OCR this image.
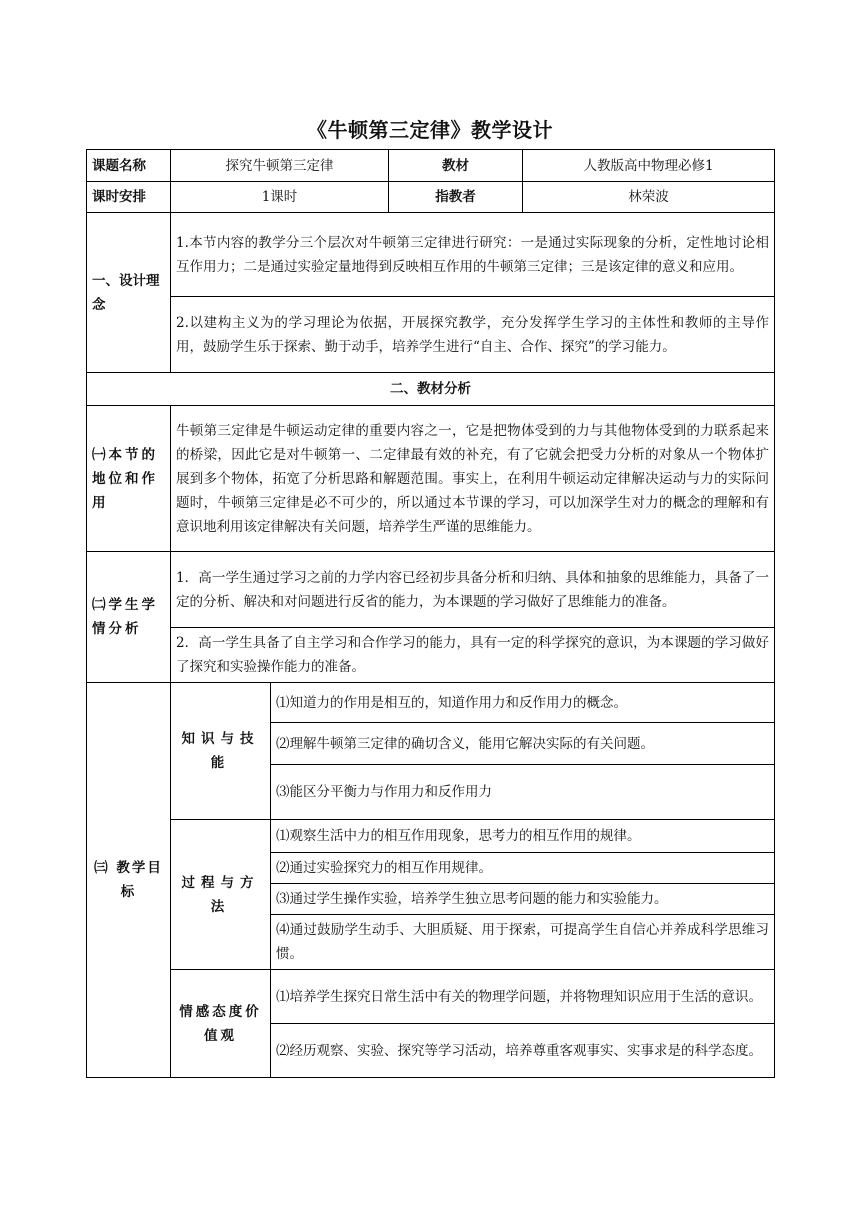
《牛顿第三定律》教学设计
课题名称	探究牛顿第三定律		教材	人教版高中物理必修1
课时安排	1课时		指教者	林荣波
一、设计理念	1.本节内容的教学分三个层次对牛顿第三定律进行研究：一是通过实际现象的分析，定性地讨论相互作用力；二是通过实验定量地得到反映相互作用的牛顿第三定律；三是该定律的意义和应用。			
	2.以建构主义为的学习理论为依据，开展探究教学，充分发挥学生学习的主体性和教师的主导作用，鼓励学生乐于探索、勤于动手，培养学生进行“自主、合作、探究”的学习能力。			
二、教材分析				
㈠本节的地位和作用	牛顿第三定律是牛顿运动定律的重要内容之一，它是把物体受到的力与其他物体受到的力联系起来的桥梁，因此它是对牛顿第一、二定律最有效的补充，有了它就会把受力分析的对象从一个物体扩展到多个物体，拓宽了分析思路和解题范围。事实上，在利用牛顿运动定律解决运动与力的实际问题时，牛顿第三定律是必不可少的，所以通过本节课的学习，可以加深学生对力的概念的理解和有意识地利用该定律解决有关问题，培养学生严谨的思维能力。			
㈡学生学情分析	1．高一学生通过学习之前的力学内容已经初步具备分析和归纳、具体和抽象的思维能力，具备了一定的分析、解决和对问题进行反省的能力，为本课题的学习做好了思维能力的准备。			
	2．高一学生具备了自主学习和合作学习的能力，具有一定的科学探究的意识，为本课题的学习做好了探究和实验操作能力的准备。			
㈢ 教学目标	知识与技能	⑴知道力的作用是相互的，知道作用力和反作用力的概念。		
		⑵理解牛顿第三定律的确切含义，能用它解决实际的有关问题。		
		⑶能区分平衡力与作用力和反作用力		
	过程与方法	⑴观察生活中力的相互作用现象，思考力的相互作用的规律。		
		⑵通过实验探究力的相互作用规律。		
		⑶通过学生操作实验，培养学生独立思考问题的能力和实验能力。		
		⑷通过鼓励学生动手、大胆质疑、用于探索，可提高学生自信心并养成科学思维习惯。		
	情感态度价值观	⑴培养学生探究日常生活中有关的物理学问题，并将物理知识应用于生活的意识。		
		⑵经历观察、实验、探究等学习活动，培养尊重客观事实、实事求是的科学态度。		
